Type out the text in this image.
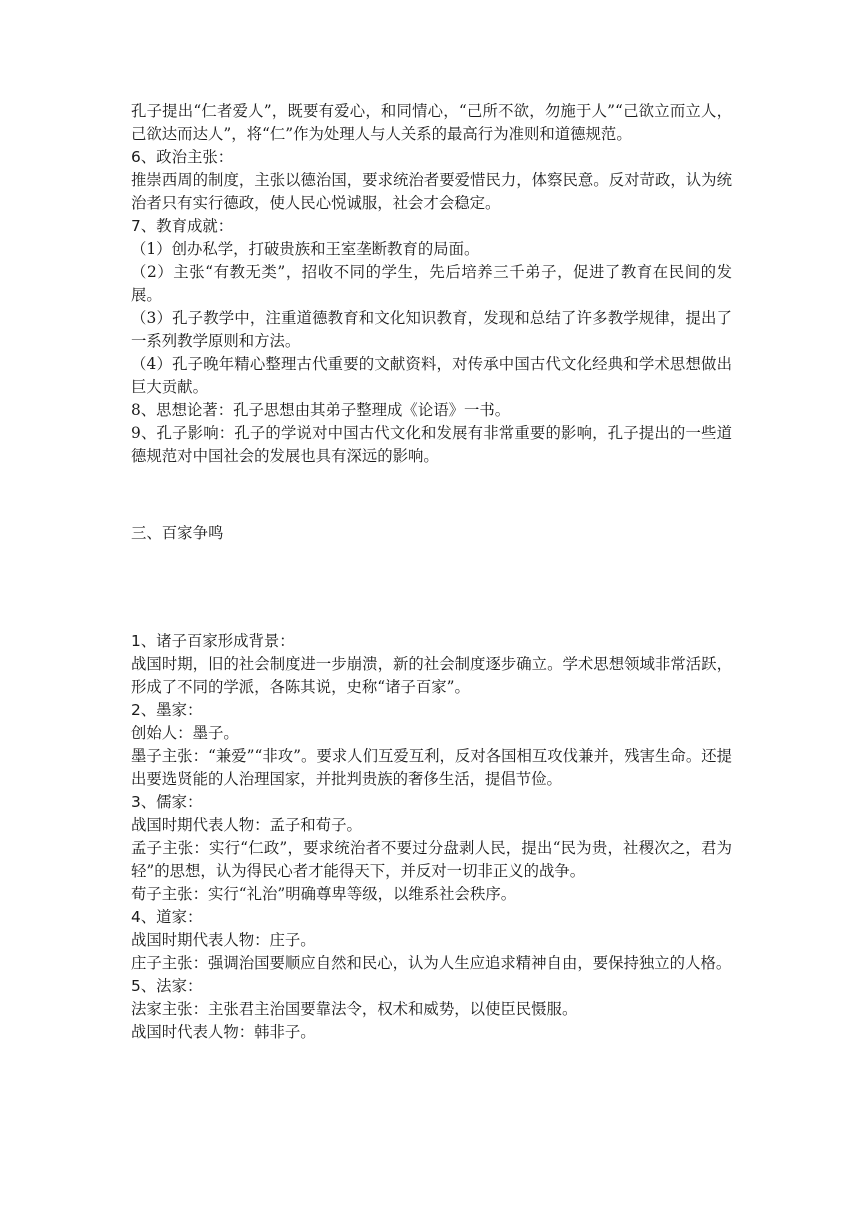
孔子提出“仁者爱人”，既要有爱心，和同情心，“己所不欲，勿施于人”“己欲立而立人，己欲达而达人”，将“仁”作为处理人与人关系的最高行为准则和道德规范。

6、政治主张：

推崇西周的制度，主张以德治国，要求统治者要爱惜民力，体察民意。反对苛政，认为统治者只有实行德政，使人民心悦诚服，社会才会稳定。

7、教育成就：

（1）创办私学，打破贵族和王室垄断教育的局面。

（2）主张“有教无类”，招收不同的学生，先后培养三千弟子，促进了教育在民间的发展。

（3）孔子教学中，注重道德教育和文化知识教育，发现和总结了许多教学规律，提出了一系列教学原则和方法。

（4）孔子晚年精心整理古代重要的文献资料，对传承中国古代文化经典和学术思想做出巨大贡献。

8、思想论著：孔子思想由其弟子整理成《论语》一书。

9、孔子影响：孔子的学说对中国古代文化和发展有非常重要的影响，孔子提出的一些道德规范对中国社会的发展也具有深远的影响。

三、百家争鸣

1、诸子百家形成背景：

战国时期，旧的社会制度进一步崩溃，新的社会制度逐步确立。学术思想领域非常活跃，形成了不同的学派，各陈其说，史称“诸子百家”。

2、墨家：

创始人：墨子。

墨子主张：“兼爱”“非攻”。要求人们互爱互利，反对各国相互攻伐兼并，残害生命。还提出要选贤能的人治理国家，并批判贵族的奢侈生活，提倡节俭。

3、儒家：

战国时期代表人物：孟子和荀子。

孟子主张：实行“仁政”，要求统治者不要过分盘剥人民，提出“民为贵，社稷次之，君为轻”的思想，认为得民心者才能得天下，并反对一切非正义的战争。

荀子主张：实行“礼治”明确尊卑等级，以维系社会秩序。

4、道家：

战国时期代表人物：庄子。

庄子主张：强调治国要顺应自然和民心，认为人生应追求精神自由，要保持独立的人格。

5、法家：

法家主张：主张君主治国要靠法令，权术和威势，以使臣民慑服。

战国时代表人物：韩非子。
